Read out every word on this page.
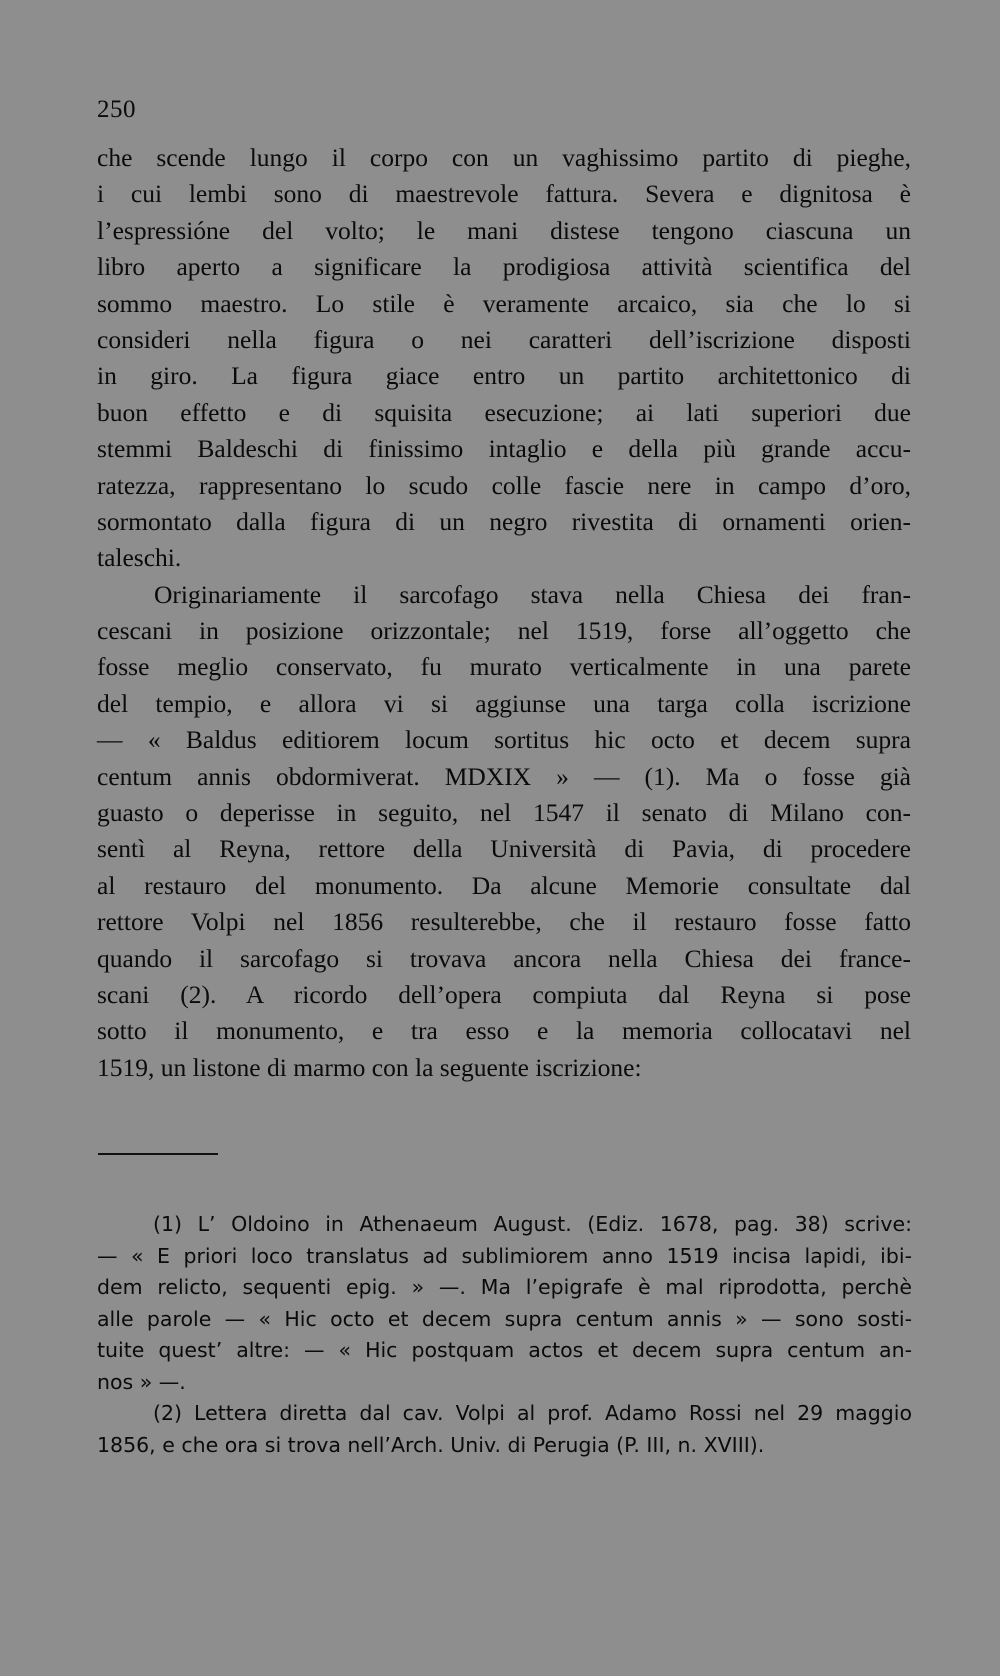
250
che scende lungo il corpo con un vaghissimo partito di pieghe,
i cui lembi sono di maestrevole fattura. Severa e dignitosa è
l’espressióne del volto; le mani distese tengono ciascuna un
libro aperto a significare la prodigiosa attività scientifica del
sommo maestro. Lo stile è veramente arcaico, sia che lo si
consideri nella figura o nei caratteri dell’iscrizione disposti
in giro. La figura giace entro un partito architettonico di
buon effetto e di squisita esecuzione; ai lati superiori due
stemmi Baldeschi di finissimo intaglio e della più grande accu-
ratezza, rappresentano lo scudo colle fascie nere in campo d’oro,
sormontato dalla figura di un negro rivestita di ornamenti orien-
taleschi.
Originariamente il sarcofago stava nella Chiesa dei fran-
cescani in posizione orizzontale; nel 1519, forse all’oggetto che
fosse meglio conservato, fu murato verticalmente in una parete
del tempio, e allora vi si aggiunse una targa colla iscrizione
— « Baldus editiorem locum sortitus hic octo et decem supra
centum annis obdormiverat. MDXIX » — (1). Ma o fosse già
guasto o deperisse in seguito, nel 1547 il senato di Milano con-
sentì al Reyna, rettore della Università di Pavia, di procedere
al restauro del monumento. Da alcune Memorie consultate dal
rettore Volpi nel 1856 resulterebbe, che il restauro fosse fatto
quando il sarcofago si trovava ancora nella Chiesa dei france-
scani (2). A ricordo dell’opera compiuta dal Reyna si pose
sotto il monumento, e tra esso e la memoria collocatavi nel
1519, un listone di marmo con la seguente iscrizione:
(1) L’ Oldoino in Athenaeum August. (Ediz. 1678, pag. 38) scrive:
— « E priori loco translatus ad sublimiorem anno 1519 incisa lapidi, ibi-
dem relicto, sequenti epig. » —. Ma l’epigrafe è mal riprodotta, perchè
alle parole — « Hic octo et decem supra centum annis » — sono sosti-
tuite quest’ altre: — « Hic postquam actos et decem supra centum an-
nos » —.
(2) Lettera diretta dal cav. Volpi al prof. Adamo Rossi nel 29 maggio
1856, e che ora si trova nell’Arch. Univ. di Perugia (P. III, n. XVIII).
